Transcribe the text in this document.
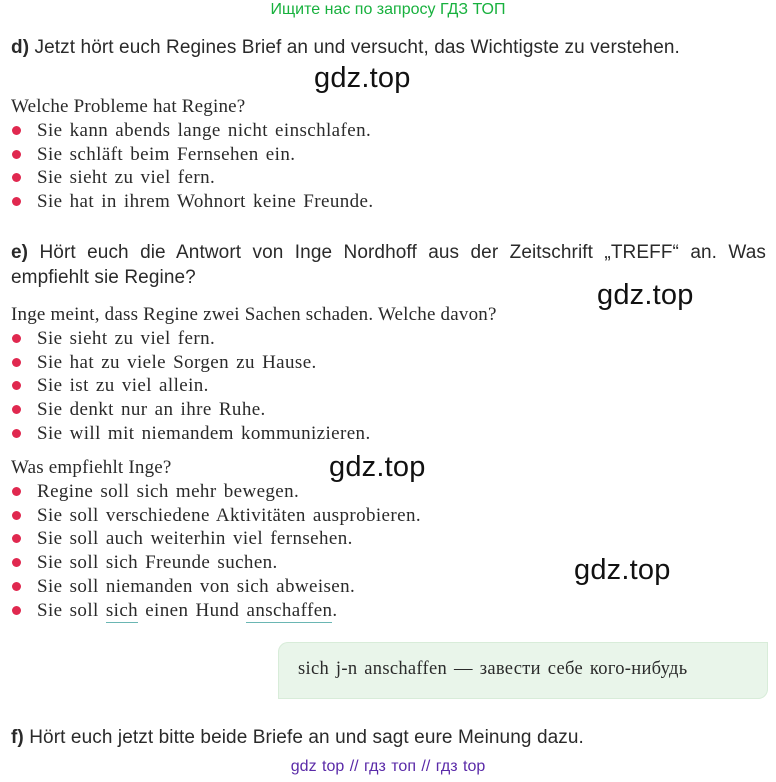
Ищите нас по запросу ГДЗ ТОП
d) Jetzt hört euch Regines Brief an und versucht, das Wichtigste zu verstehen.
Welche Probleme hat Regine?
Sie kann abends lange nicht einschlafen.
Sie schläft beim Fernsehen ein.
Sie sieht zu viel fern.
Sie hat in ihrem Wohnort keine Freunde.
e) Hört euch die Antwort von Inge Nordhoff aus der Zeitschrift „TREFF“ an. Was empfiehlt sie Regine?
Inge meint, dass Regine zwei Sachen schaden. Welche davon?
Sie sieht zu viel fern.
Sie hat zu viele Sorgen zu Hause.
Sie ist zu viel allein.
Sie denkt nur an ihre Ruhe.
Sie will mit niemandem kommunizieren.
Was empfiehlt Inge?
Regine soll sich mehr bewegen.
Sie soll verschiedene Aktivitäten ausprobieren.
Sie soll auch weiterhin viel fernsehen.
Sie soll sich Freunde suchen.
Sie soll niemanden von sich abweisen.
Sie soll sich einen Hund anschaffen.
sich j-n anschaffen — завести себе кого-нибудь
f) Hört euch jetzt bitte beide Briefe an und sagt eure Meinung dazu.
gdz.top
gdz.top
gdz.top
gdz.top
gdz top // гдз топ // гдз top
